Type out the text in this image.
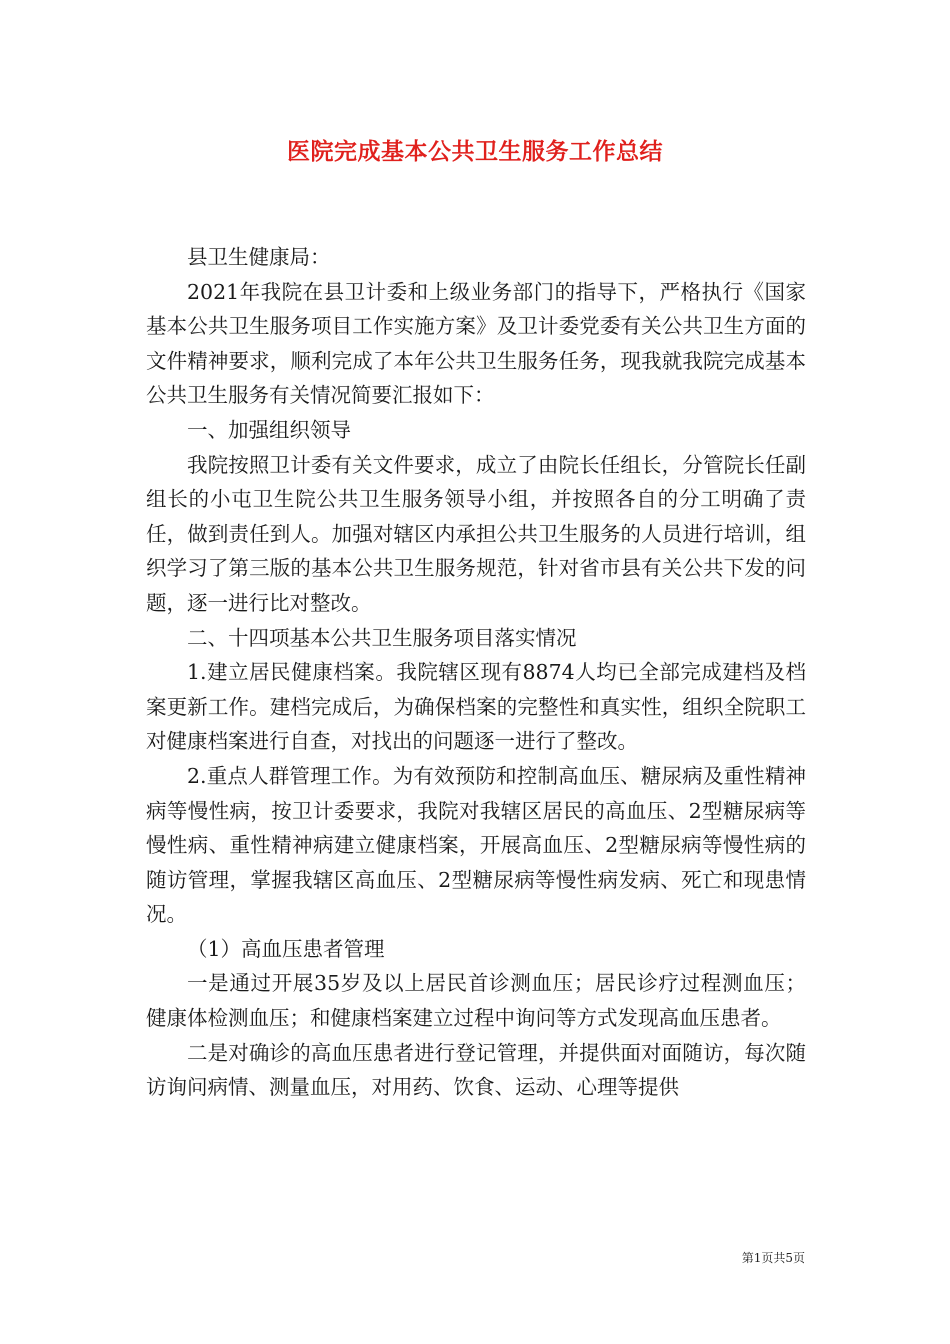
医院完成基本公共卫生服务工作总结

县卫生健康局：

2021年我院在县卫计委和上级业务部门的指导下，严格执行《国家基本公共卫生服务项目工作实施方案》及卫计委党委有关公共卫生方面的文件精神要求，顺利完成了本年公共卫生服务任务，现我就我院完成基本公共卫生服务有关情况简要汇报如下：

一、加强组织领导

我院按照卫计委有关文件要求，成立了由院长任组长，分管院长任副组长的小屯卫生院公共卫生服务领导小组，并按照各自的分工明确了责任，做到责任到人。加强对辖区内承担公共卫生服务的人员进行培训，组织学习了第三版的基本公共卫生服务规范，针对省市县有关公共下发的问题，逐一进行比对整改。

二、十四项基本公共卫生服务项目落实情况

1.建立居民健康档案。我院辖区现有8874人均已全部完成建档及档案更新工作。建档完成后，为确保档案的完整性和真实性，组织全院职工对健康档案进行自查，对找出的问题逐一进行了整改。

2.重点人群管理工作。为有效预防和控制高血压、糖尿病及重性精神病等慢性病，按卫计委要求，我院对我辖区居民的高血压、2型糖尿病等慢性病、重性精神病建立健康档案，开展高血压、2型糖尿病等慢性病的随访管理，掌握我辖区高血压、2型糖尿病等慢性病发病、死亡和现患情况。

（1）高血压患者管理

一是通过开展35岁及以上居民首诊测血压；居民诊疗过程测血压；健康体检测血压；和健康档案建立过程中询问等方式发现高血压患者。

二是对确诊的高血压患者进行登记管理，并提供面对面随访，每次随访询问病情、测量血压，对用药、饮食、运动、心理等提供

第1页共5页
